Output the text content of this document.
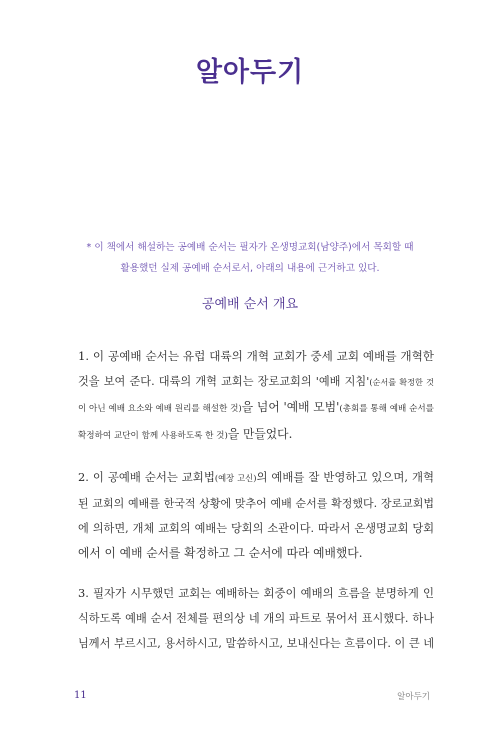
알아두기
* 이 책에서 해설하는 공예배 순서는 필자가 온생명교회(남양주)에서 목회할 때
활용했던 실제 공예배 순서로서, 아래의 내용에 근거하고 있다.
공예배 순서 개요
1. 이 공예배 순서는 유럽 대륙의 개혁 교회가 중세 교회 예배를 개혁한
것을 보여 준다. 대륙의 개혁 교회는 장로교회의 '예배 지침'(순서를 확정한 것
이 아닌 예배 요소와 예배 원리를 해설한 것)을 넘어 '예배 모범'(총회를 통해 예배 순서를
확정하여 교단이 함께 사용하도록 한 것)을 만들었다.
2. 이 공예배 순서는 교회법(예장 고신)의 예배를 잘 반영하고 있으며, 개혁
된 교회의 예배를 한국적 상황에 맞추어 예배 순서를 확정했다. 장로교회법
에 의하면, 개체 교회의 예배는 당회의 소관이다. 따라서 온생명교회 당회
에서 이 예배 순서를 확정하고 그 순서에 따라 예배했다.
3. 필자가 시무했던 교회는 예배하는 회중이 예배의 흐름을 분명하게 인
식하도록 예배 순서 전체를 편의상 네 개의 파트로 묶어서 표시했다. 하나
님께서 부르시고, 용서하시고, 말씀하시고, 보내신다는 흐름이다. 이 큰 네
11	알아두기
